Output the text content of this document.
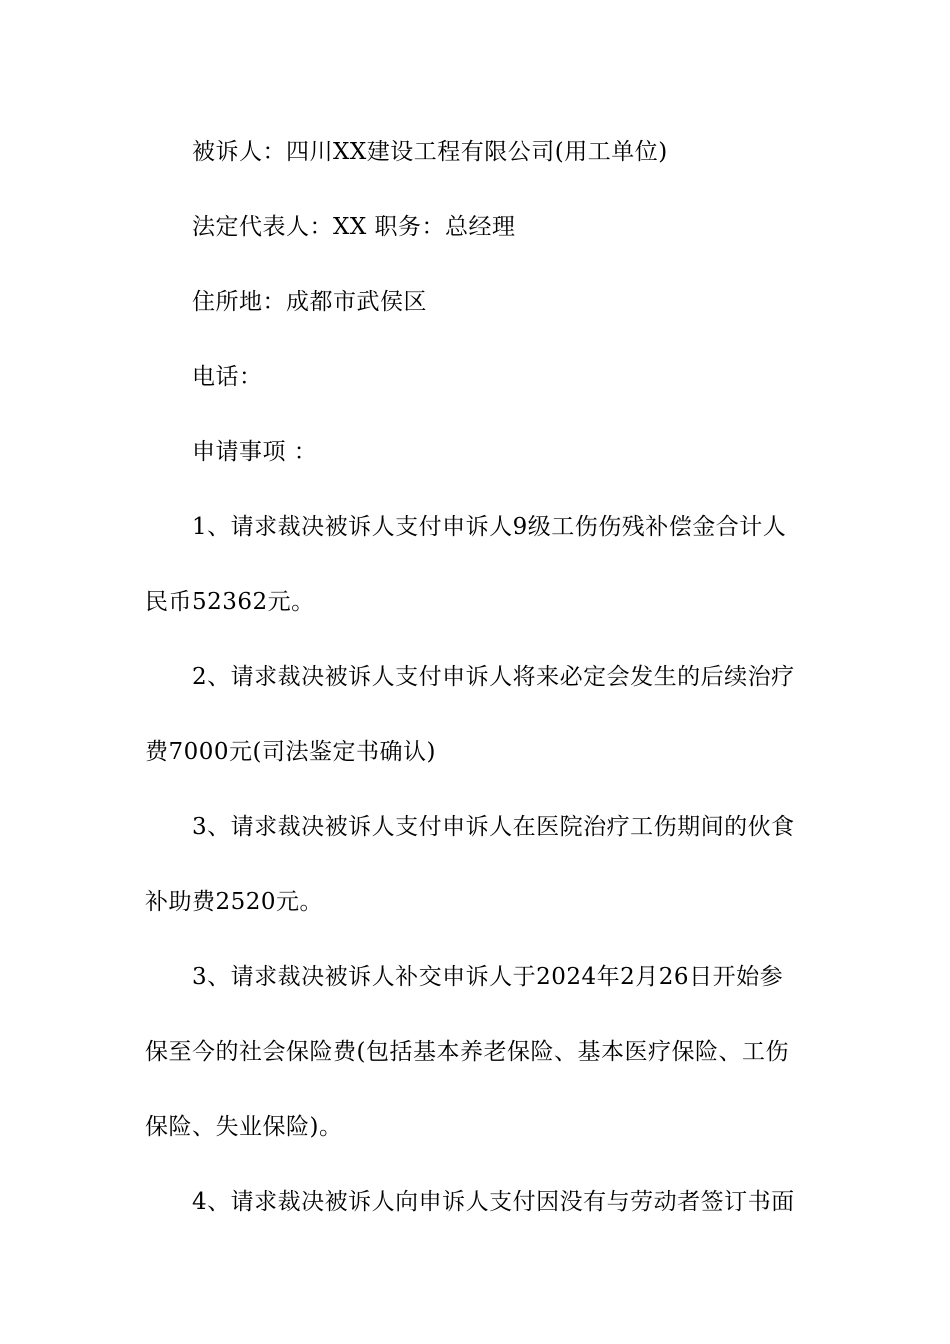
被诉人：四川XX建设工程有限公司(用工单位)
法定代表人：XX 职务：总经理
住所地：成都市武侯区
电话：
申请事项 ：
1、请求裁决被诉人支付申诉人9级工伤伤残补偿金合计人
民币52362元。
2、请求裁决被诉人支付申诉人将来必定会发生的后续治疗
费7000元(司法鉴定书确认)
3、请求裁决被诉人支付申诉人在医院治疗工伤期间的伙食
补助费2520元。
3、请求裁决被诉人补交申诉人于2024年2月26日开始参
保至今的社会保险费(包括基本养老保险、基本医疗保险、工伤
保险、失业保险)。
4、请求裁决被诉人向申诉人支付因没有与劳动者签订书面
